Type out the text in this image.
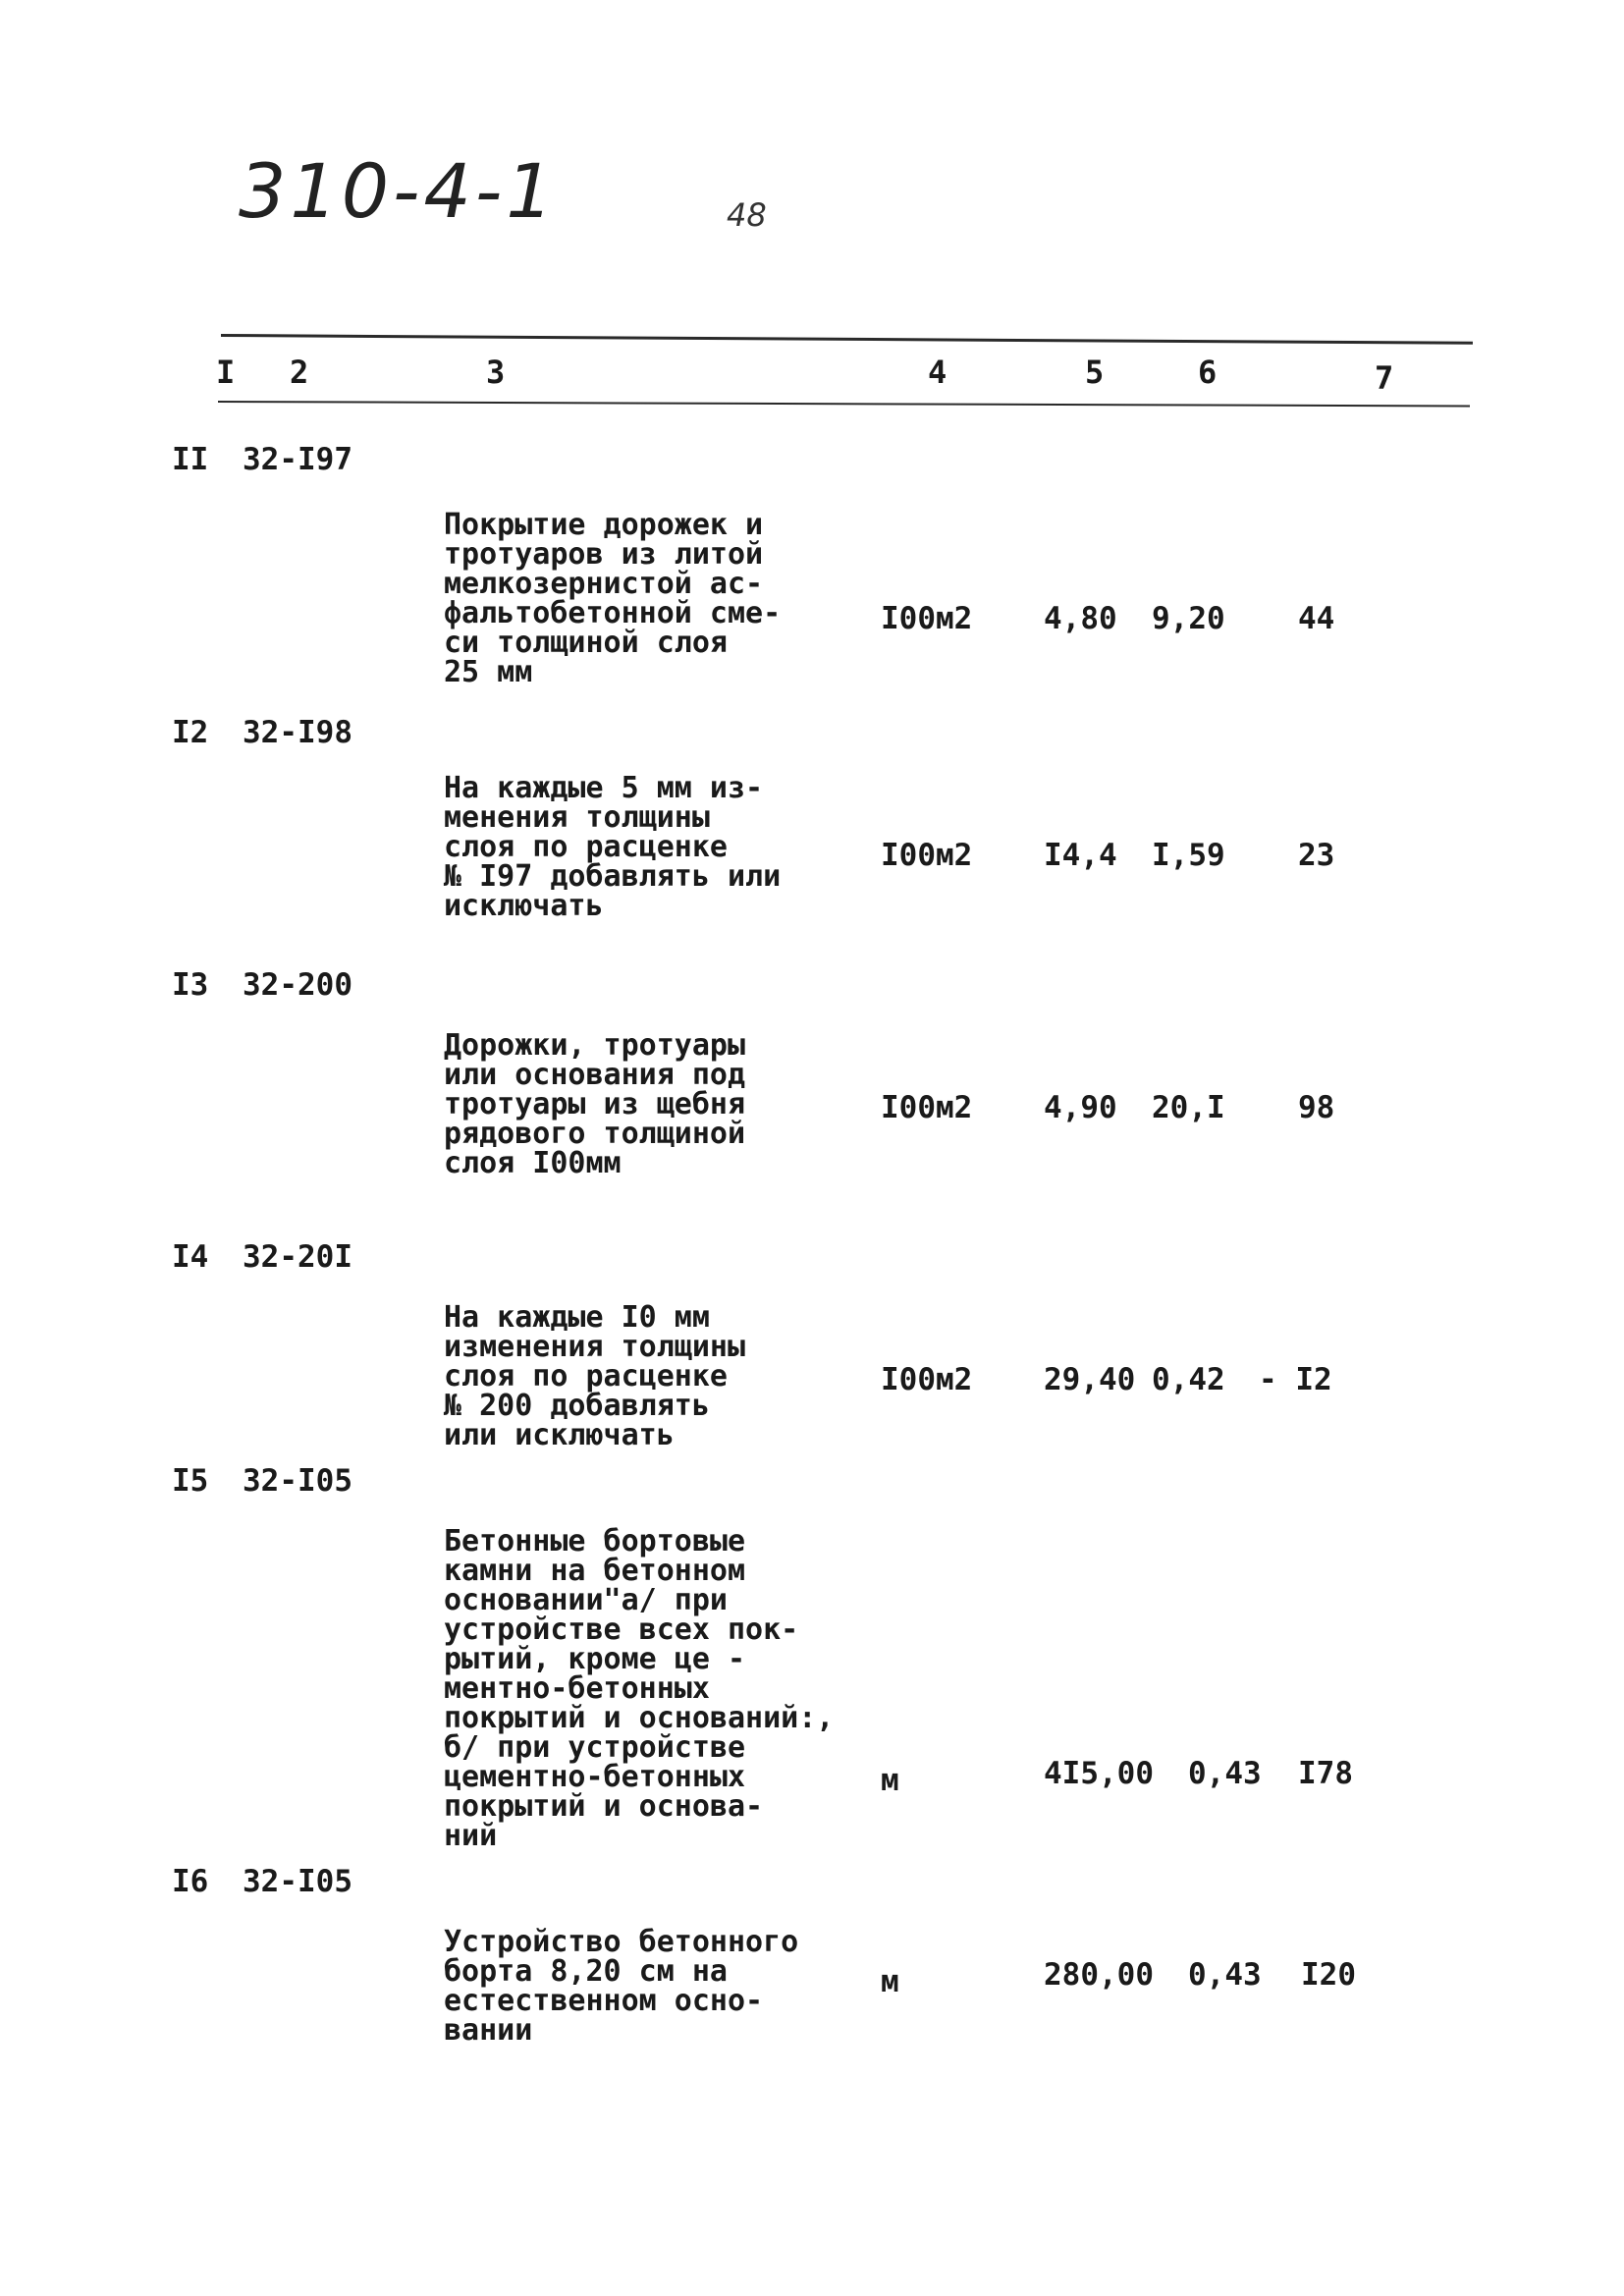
310-4-1	48
I 2	3	4	5	6	7
II 32-I97

Покрытие дорожек и
тротуаров из литой
мелкозернистой ас-
фальтобетонной сме-
си толщиной слоя
25 мм

I00м2 4,80 9,20 44
I2 32-I98

На каждые 5 мм из-
менения толщины
слоя по расценке
№ I97 добавлять или
исключать

I00м2 I4,4 I,59 23
I3 32-200

Дорожки, тротуары
или основания под
тротуары из щебня
рядового толщиной
слоя I00мм

I00м2 4,90 20,I 98
I4 32-20I

На каждые I0 мм
изменения толщины
слоя по расценке
№ 200 добавлять
или исключать

I00м2 29,40 0,42 - I2
I5 32-I05

Бетонные бортовые
камни на бетонном
основании"а/ при
устройстве всех пок-
рытий, кроме це -
ментно-бетонных
покрытий и оснований:,
б/ при устройстве
цементно-бетонных
покрытий и основа-
ний

м	4I5,00 0,43 I78
I6 32-I05

Устройство бетонного
борта 8,20 см на
естественном осно-
вании

м	280,00 0,43 I20
